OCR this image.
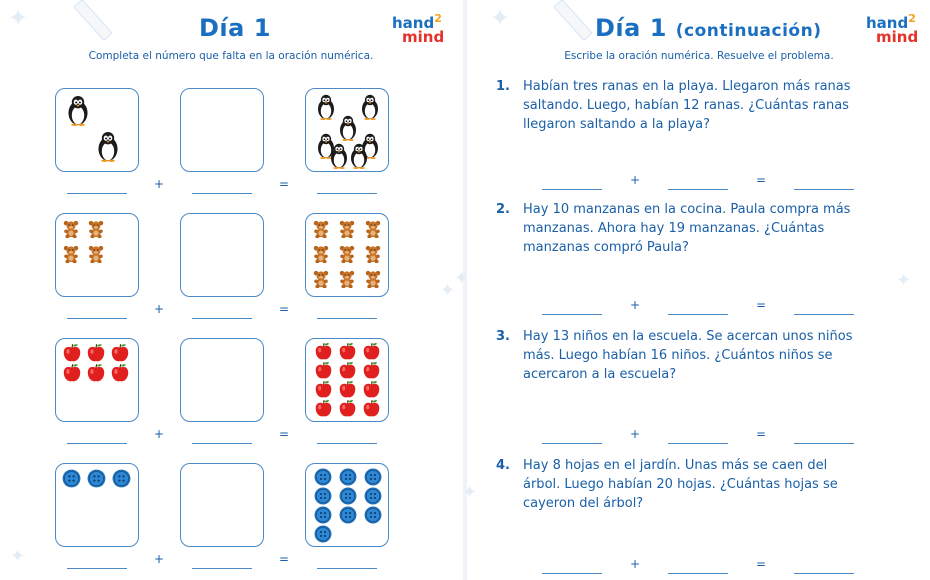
✦
✦
✦
Día 1	hand$^2$
mind
Completa el número que falta en la oración numérica.
+	=
+	=
+	=
+	=
✦
✦	✦
✦
Día 1 (continuación)	hand$^2$
mind
Escribe la oración numérica. Resuelve el problema.
1. Habían tres ranas en la playa. Llegaron más ranas saltando. Luego, habían 12 ranas. ¿Cuántas ranas llegaron saltando a la playa?
+	=
2. Hay 10 manzanas en la cocina. Paula compra más manzanas. Ahora hay 19 manzanas. ¿Cuántas manzanas compró Paula?
+	=
3. Hay 13 niños en la escuela. Se acercan unos niños más. Luego habían 16 niños. ¿Cuántos niños se acercaron a la escuela?
+	=
4. Hay 8 hojas en el jardín. Unas más se caen del árbol. Luego habían 20 hojas. ¿Cuántas hojas se cayeron del árbol?
+	=
